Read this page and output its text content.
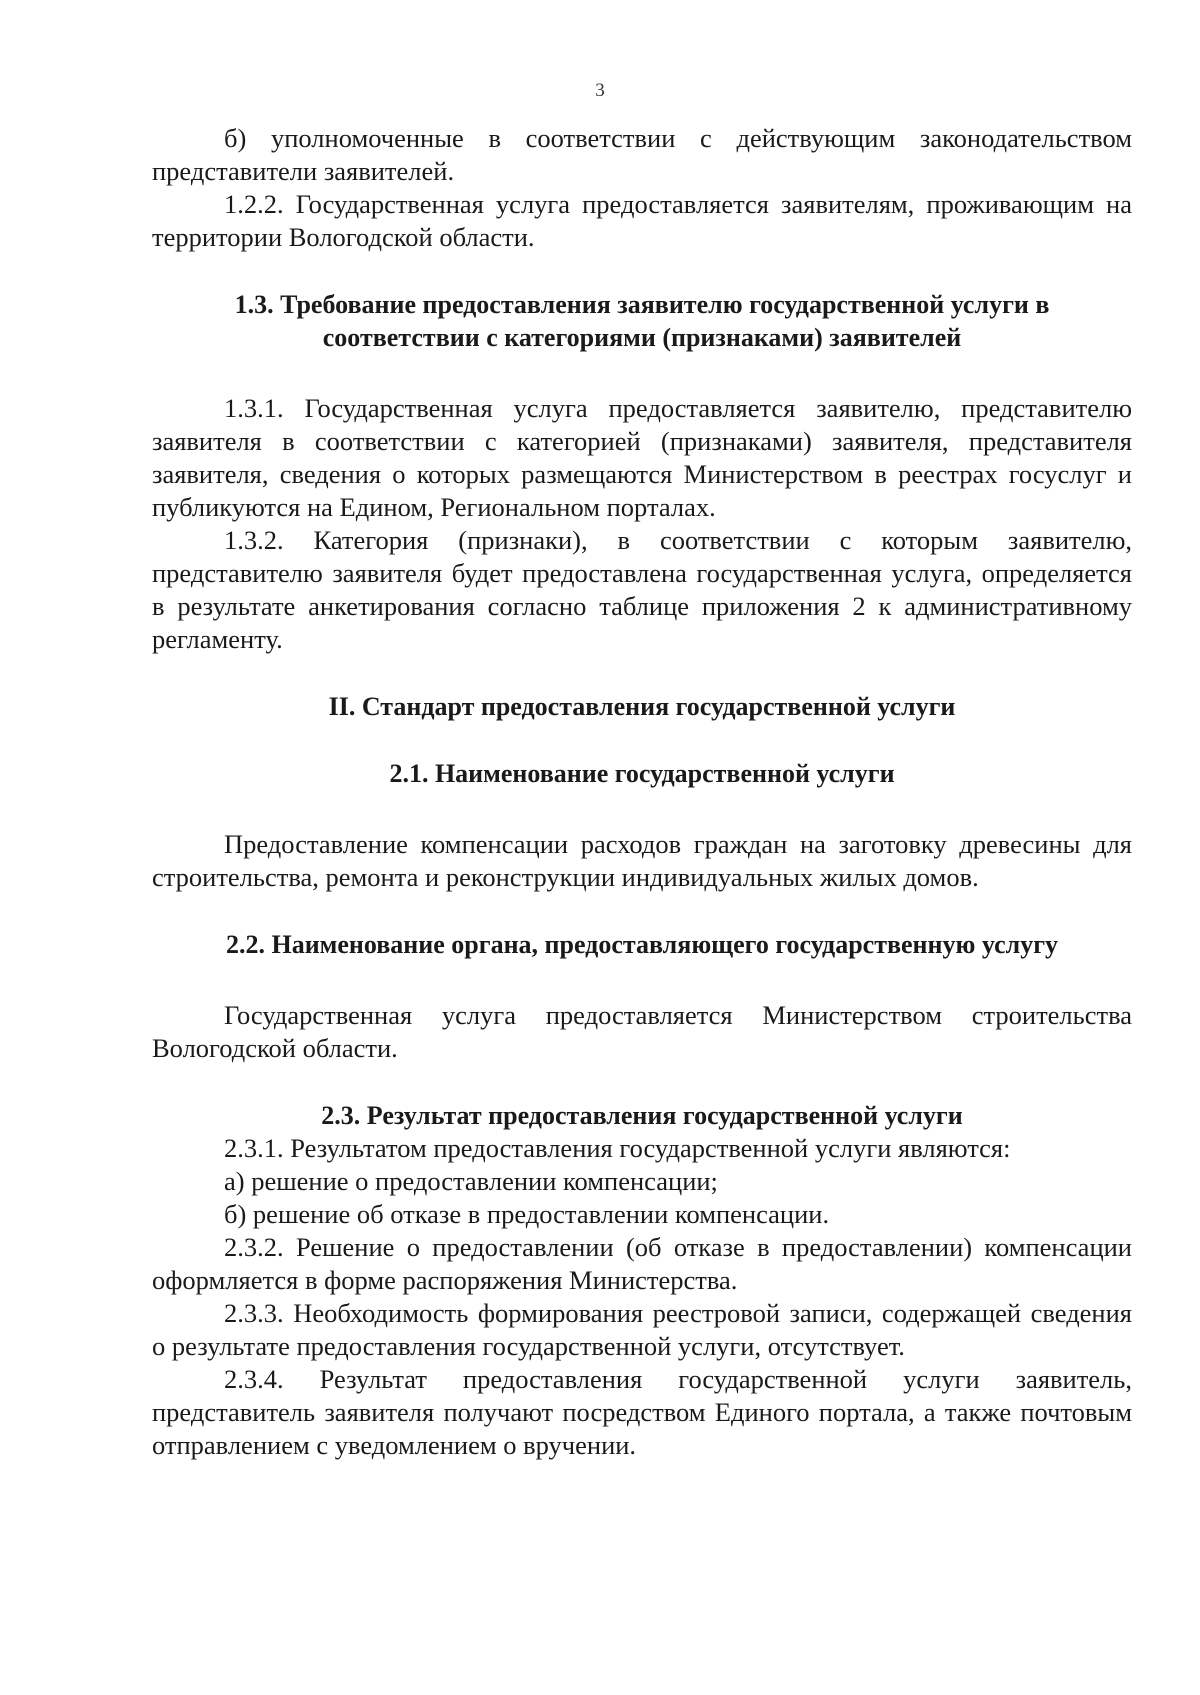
3

б) уполномоченные в соответствии с действующим законодательством представители заявителей.

1.2.2. Государственная услуга предоставляется заявителям, проживающим на территории Вологодской области.

1.3. Требование предоставления заявителю государственной услуги в

соответствии с категориями (признаками) заявителей

1.3.1. Государственная услуга предоставляется заявителю, представителю заявителя в соответствии с категорией (признаками) заявителя, представителя заявителя, сведения о которых размещаются Министерством в реестрах госуслуг и публикуются на Едином, Региональном порталах.

1.3.2. Категория (признаки), в соответствии с которым заявителю, представителю заявителя будет предоставлена государственная услуга, определяется в результате анкетирования согласно таблице приложения 2 к административному регламенту.

II. Стандарт предоставления государственной услуги

2.1. Наименование государственной услуги

Предоставление компенсации расходов граждан на заготовку древесины для строительства, ремонта и реконструкции индивидуальных жилых домов.

2.2. Наименование органа, предоставляющего государственную услугу

Государственная услуга предоставляется Министерством строительства Вологодской области.

2.3. Результат предоставления государственной услуги

2.3.1. Результатом предоставления государственной услуги являются:

а) решение о предоставлении компенсации;

б) решение об отказе в предоставлении компенсации.

2.3.2. Решение о предоставлении (об отказе в предоставлении) компенсации оформляется в форме распоряжения Министерства.

2.3.3. Необходимость формирования реестровой записи, содержащей сведения о результате предоставления государственной услуги, отсутствует.

2.3.4. Результат предоставления государственной услуги заявитель, представитель заявителя получают посредством Единого портала, а также почтовым отправлением с уведомлением о вручении.
